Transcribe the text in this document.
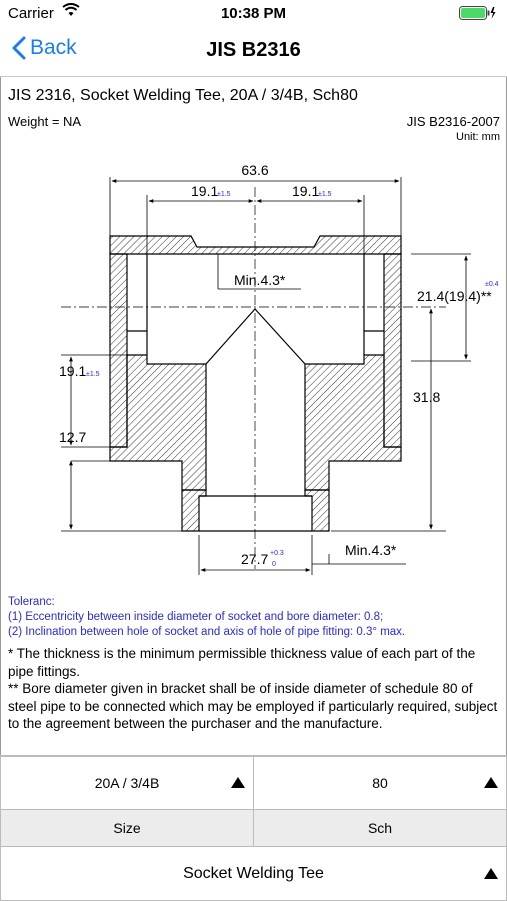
Carrier	10:38 PM
Back	JIS B2316
JIS 2316, Socket Welding Tee, 20A / 3/4B, Sch80
Weight = NA	JIS B2316-2007
Unit: mm
63.6
19.1
±1.5	19.1
±1.5
Min.4.3*
21.4(19.4)**
±0.4
31.8
19.1 ±1.5
12.7
27.7 +0.3
0
Min.4.3*
Toleranc:
(1) Eccentricity between inside diameter of socket and bore diameter: 0.8;
(2) Inclination between hole of socket and axis of hole of pipe fitting: 0.3° max.
* The thickness is the minimum permissible thickness value of each part of the pipe fittings.
** Bore diameter given in bracket shall be of inside diameter of schedule 80 of steel pipe to be connected which may be employed if particularly required, subject to the agreement between the purchaser and the manufacture.
20A / 3/4B	80
Size	Sch
Socket Welding Tee
